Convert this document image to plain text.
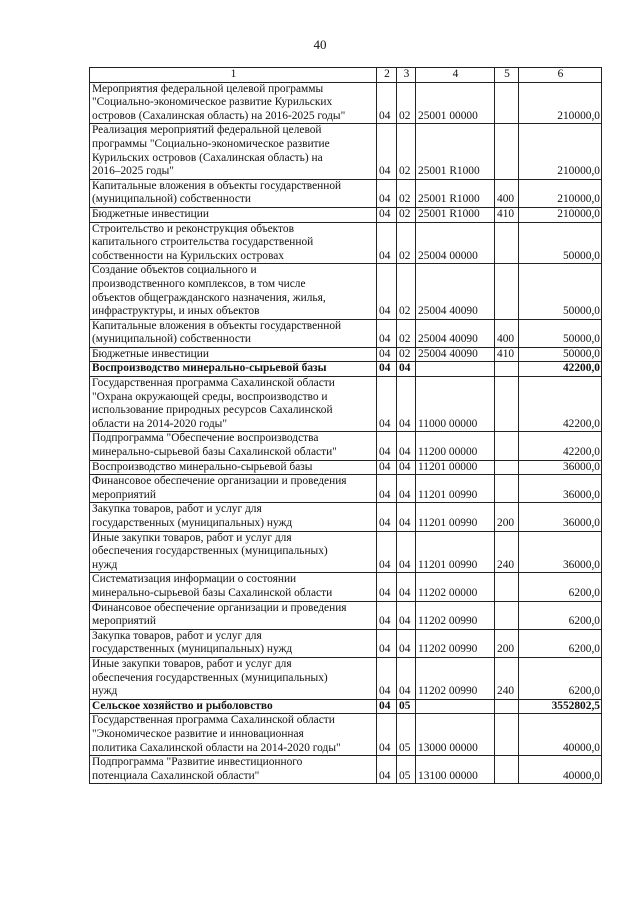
40
1	2	3	4	5	6
Мероприятия федеральной целевой программы
"Социально-экономическое развитие Курильских
островов (Сахалинская область) на 2016-2025 годы"	04	02	25001 00000		210000,0
Реализация мероприятий федеральной целевой
программы "Социально-экономическое развитие
Курильских островов (Сахалинская область) на
2016–2025 годы"	04	02	25001 R1000		210000,0
Капитальные вложения в объекты государственной
(муниципальной) собственности	04	02	25001 R1000	400	210000,0
Бюджетные инвестиции	04	02	25001 R1000	410	210000,0
Строительство и реконструкция объектов
капитального строительства государственной
собственности на Курильских островах	04	02	25004 00000		50000,0
Создание объектов социального и
производственного комплексов, в том числе
объектов общегражданского назначения, жилья,
инфраструктуры, и иных объектов	04	02	25004 40090		50000,0
Капитальные вложения в объекты государственной
(муниципальной) собственности	04	02	25004 40090	400	50000,0
Бюджетные инвестиции	04	02	25004 40090	410	50000,0
Воспроизводство минерально-сырьевой базы	04	04			42200,0
Государственная программа Сахалинской области
"Охрана окружающей среды, воспроизводство и
использование природных ресурсов Сахалинской
области на 2014-2020 годы"	04	04	11000 00000		42200,0
Подпрограмма "Обеспечение воспроизводства
минерально-сырьевой базы Сахалинской области"	04	04	11200 00000		42200,0
Воспроизводство минерально-сырьевой базы	04	04	11201 00000		36000,0
Финансовое обеспечение организации и проведения
мероприятий	04	04	11201 00990		36000,0
Закупка товаров, работ и услуг для
государственных (муниципальных) нужд	04	04	11201 00990	200	36000,0
Иные закупки товаров, работ и услуг для
обеспечения государственных (муниципальных)
нужд	04	04	11201 00990	240	36000,0
Систематизация информации о состоянии
минерально-сырьевой базы Сахалинской области	04	04	11202 00000		6200,0
Финансовое обеспечение организации и проведения
мероприятий	04	04	11202 00990		6200,0
Закупка товаров, работ и услуг для
государственных (муниципальных) нужд	04	04	11202 00990	200	6200,0
Иные закупки товаров, работ и услуг для
обеспечения государственных (муниципальных)
нужд	04	04	11202 00990	240	6200,0
Сельское хозяйство и рыболовство	04	05			3552802,5
Государственная программа Сахалинской области
"Экономическое развитие и инновационная
политика Сахалинской области на 2014-2020 годы"	04	05	13000 00000		40000,0
Подпрограмма "Развитие инвестиционного
потенциала Сахалинской области"	04	05	13100 00000		40000,0
